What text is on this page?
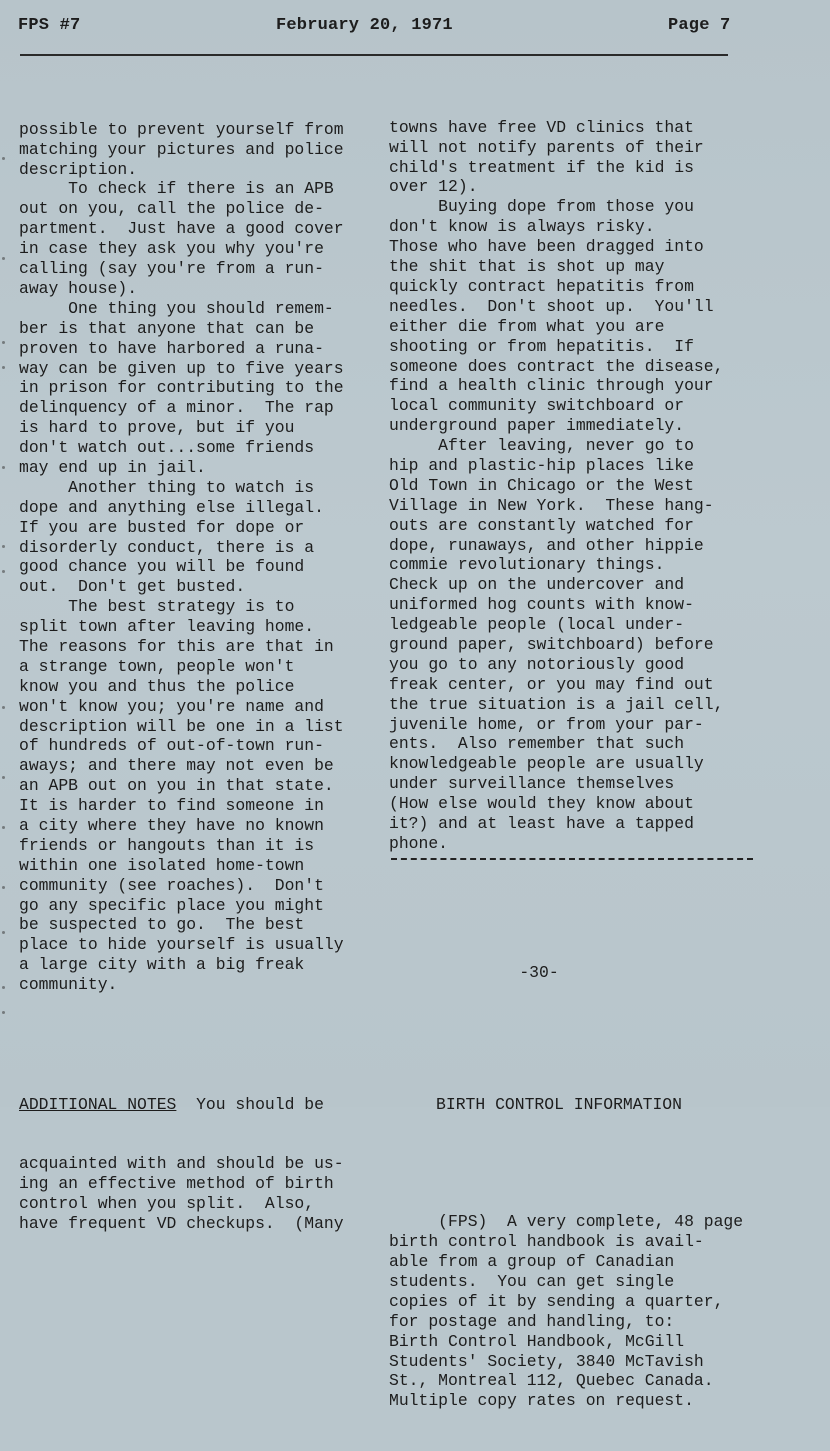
FPS #7	February 20, 1971	Page 7

possible to prevent yourself from
matching your pictures and police
description.
To check if there is an APB
out on you, call the police de-
partment.  Just have a good cover
in case they ask you why you're
calling (say you're from a run-
away house).
One thing you should remem-
ber is that anyone that can be
proven to have harbored a runa-
way can be given up to five years
in prison for contributing to the
delinquency of a minor.  The rap
is hard to prove, but if you
don't watch out...some friends
may end up in jail.
Another thing to watch is
dope and anything else illegal.
If you are busted for dope or
disorderly conduct, there is a
good chance you will be found
out.  Don't get busted.
The best strategy is to
split town after leaving home.
The reasons for this are that in
a strange town, people won't
know you and thus the police
won't know you; you're name and
description will be one in a list
of hundreds of out-of-town run-
aways; and there may not even be
an APB out on you in that state.
It is harder to find someone in
a city where they have no known
friends or hangouts than it is
within one isolated home-town
community (see roaches).  Don't
go any specific place you might
be suspected to go.  The best
place to hide yourself is usually
a large city with a big freak
community.

ADDITIONAL NOTES  You should be

acquainted with and should be us-
ing an effective method of birth
control when you split.  Also,
have frequent VD checkups.  (Many

towns have free VD clinics that
will not notify parents of their
child's treatment if the kid is
over 12).
Buying dope from those you
don't know is always risky.
Those who have been dragged into
the shit that is shot up may
quickly contract hepatitis from
needles.  Don't shoot up.  You'll
either die from what you are
shooting or from hepatitis.  If
someone does contract the disease,
find a health clinic through your
local community switchboard or
underground paper immediately.
After leaving, never go to
hip and plastic-hip places like
Old Town in Chicago or the West
Village in New York.  These hang-
outs are constantly watched for
dope, runaways, and other hippie
commie revolutionary things.
Check up on the undercover and
uniformed hog counts with know-
ledgeable people (local under-
ground paper, switchboard) before
you go to any notoriously good
freak center, or you may find out
the true situation is a jail cell,
juvenile home, or from your par-
ents.  Also remember that such
knowledgeable people are usually
under surveillance themselves
(How else would they know about
it?) and at least have a tapped
phone.

-30-

BIRTH CONTROL INFORMATION

(FPS)  A very complete, 48 page
birth control handbook is avail-
able from a group of Canadian
students.  You can get single
copies of it by sending a quarter,
for postage and handling, to:
Birth Control Handbook, McGill
Students' Society, 3840 McTavish
St., Montreal 112, Quebec Canada.
Multiple copy rates on request.
